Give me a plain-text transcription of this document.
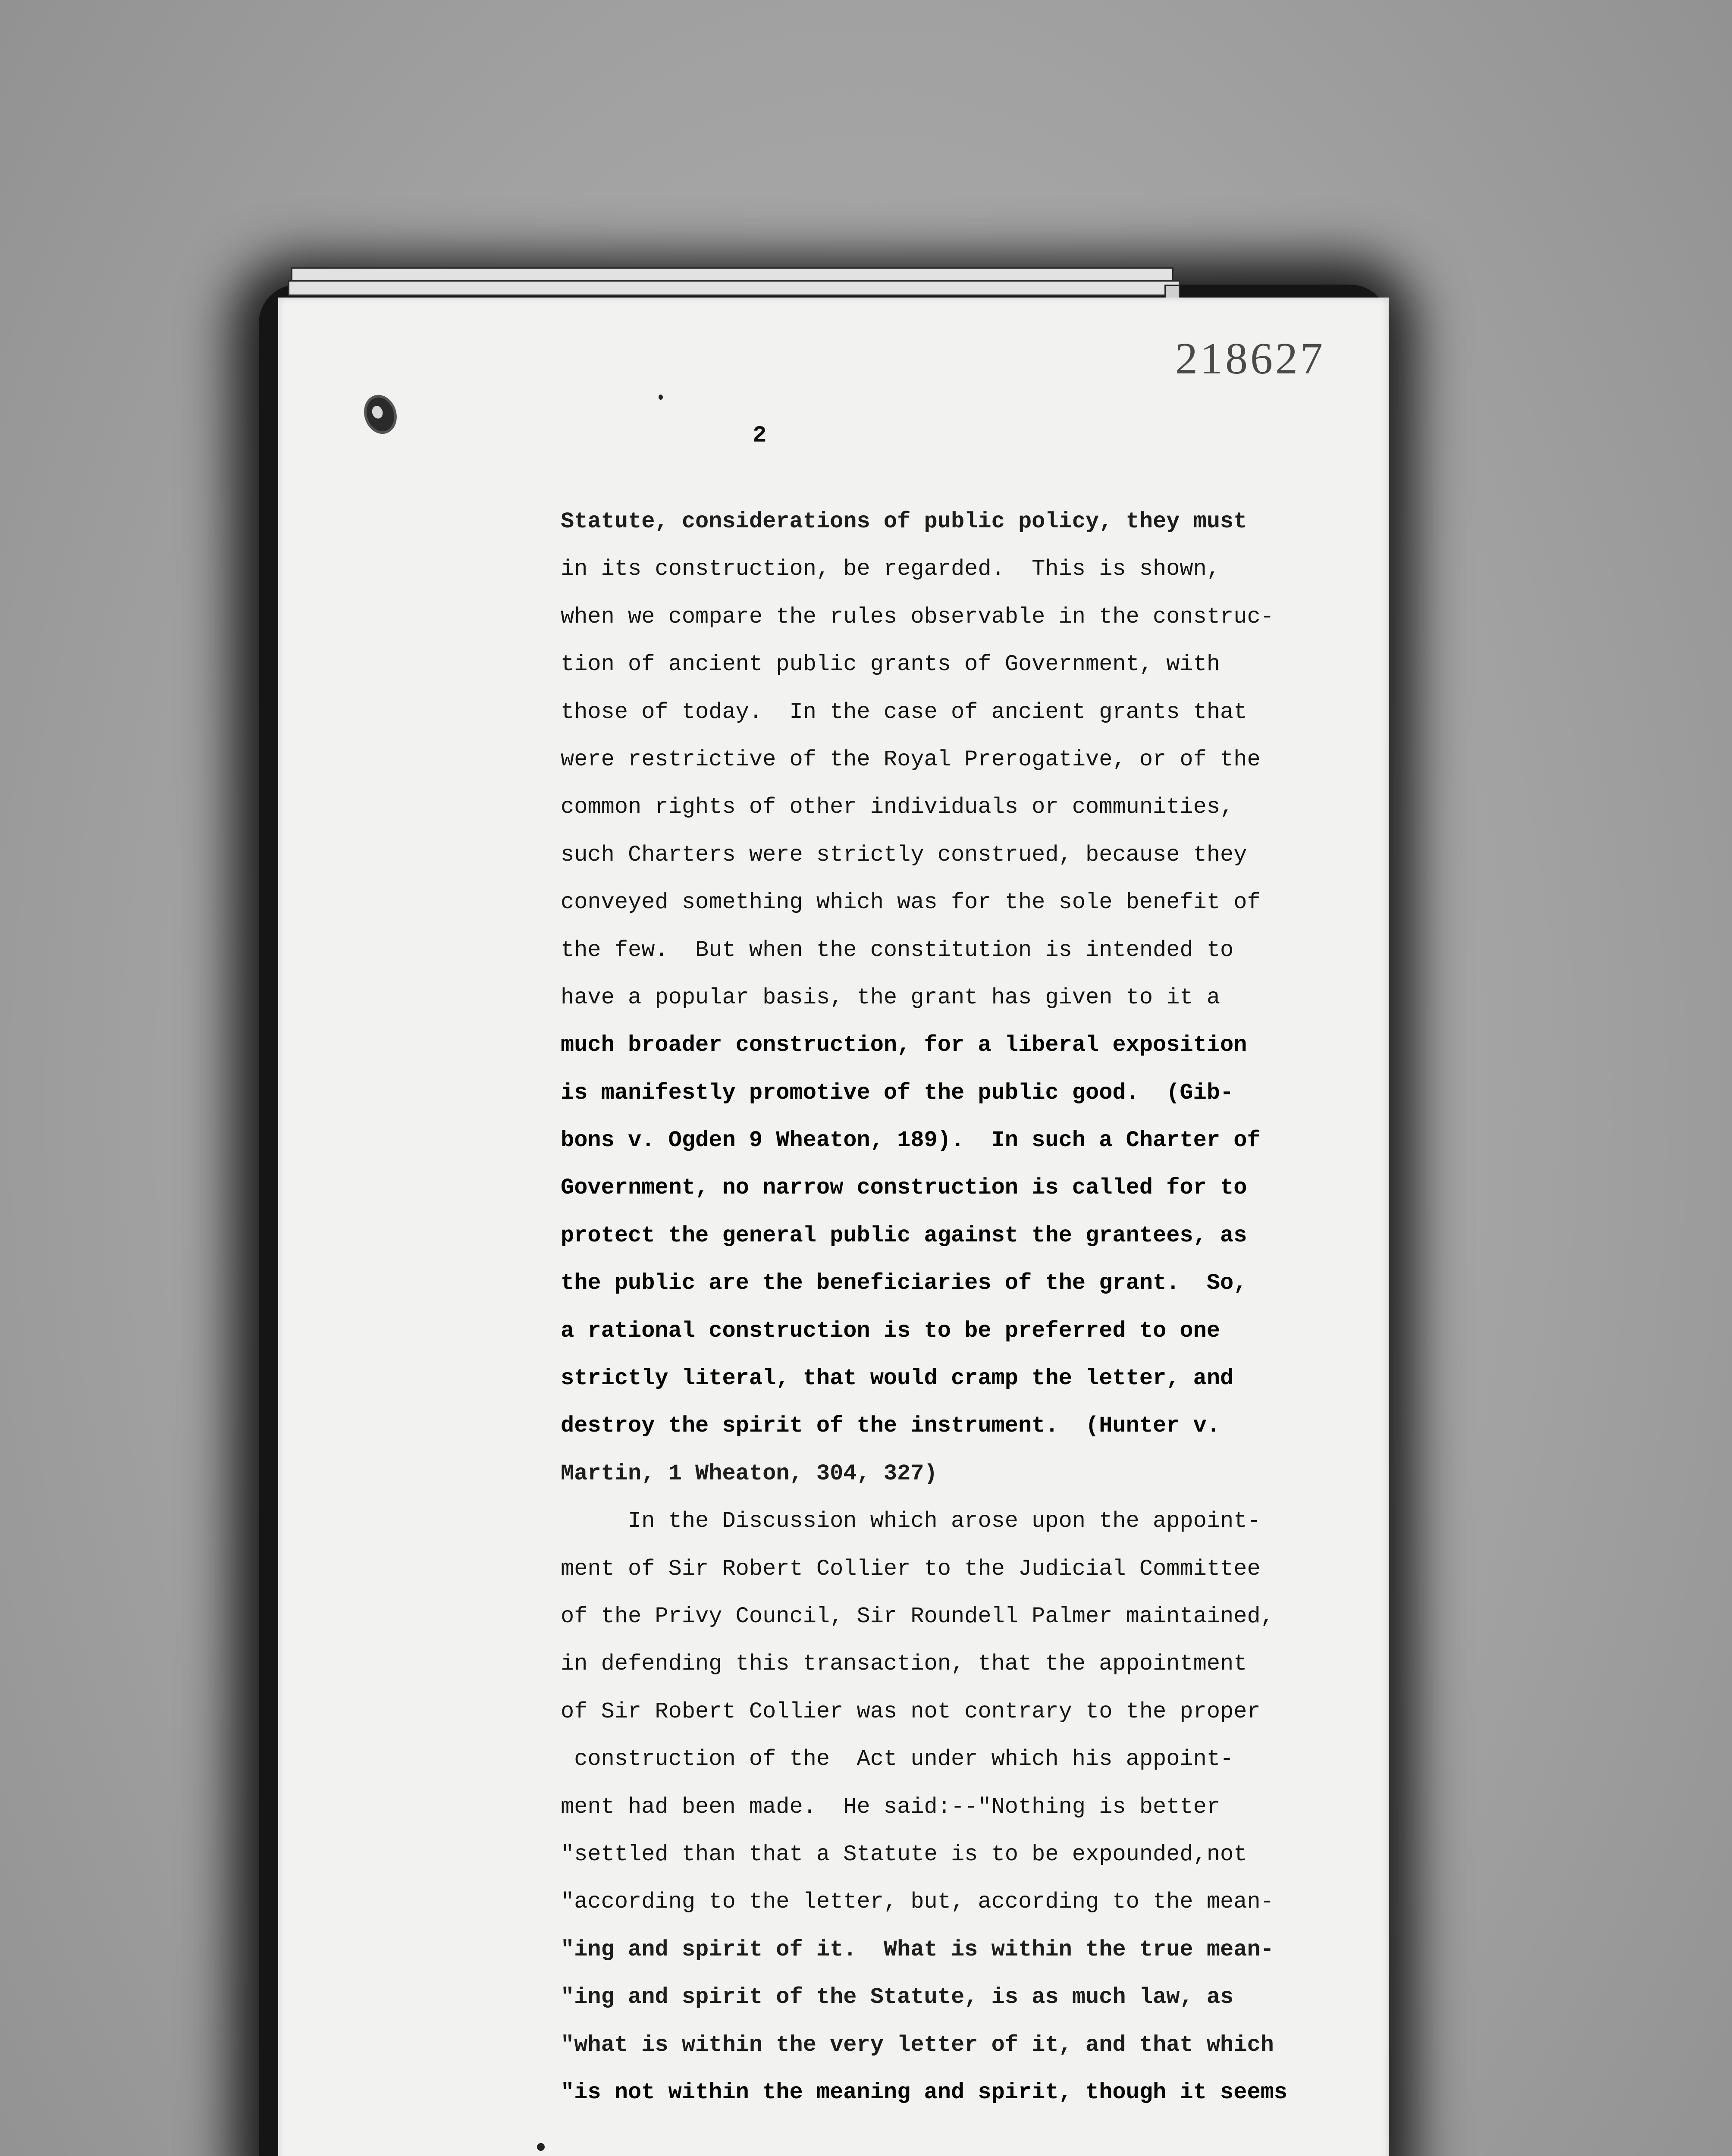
218627
2
Statute, considerations of public policy, they must
in its construction, be regarded.  This is shown,
when we compare the rules observable in the construc-
tion of ancient public grants of Government, with
those of today.  In the case of ancient grants that
were restrictive of the Royal Prerogative, or of the
common rights of other individuals or communities,
such Charters were strictly construed, because they
conveyed something which was for the sole benefit of
the few.  But when the constitution is intended to
have a popular basis, the grant has given to it a
much broader construction, for a liberal exposition
is manifestly promotive of the public good.  (Gib-
bons v. Ogden 9 Wheaton, 189).  In such a Charter of
Government, no narrow construction is called for to
protect the general public against the grantees, as
the public are the beneficiaries of the grant.  So,
a rational construction is to be preferred to one
strictly literal, that would cramp the letter, and
destroy the spirit of the instrument.  (Hunter v.
Martin, 1 Wheaton, 304, 327)
In the Discussion which arose upon the appoint-
ment of Sir Robert Collier to the Judicial Committee
of the Privy Council, Sir Roundell Palmer maintained,
in defending this transaction, that the appointment
of Sir Robert Collier was not contrary to the proper
construction of the  Act under which his appoint-
ment had been made.  He said:--"Nothing is better
"settled than that a Statute is to be expounded,not
"according to the letter, but, according to the mean-
"ing and spirit of it.  What is within the true mean-
"ing and spirit of the Statute, is as much law, as
"what is within the very letter of it, and that which
"is not within the meaning and spirit, though it seems
